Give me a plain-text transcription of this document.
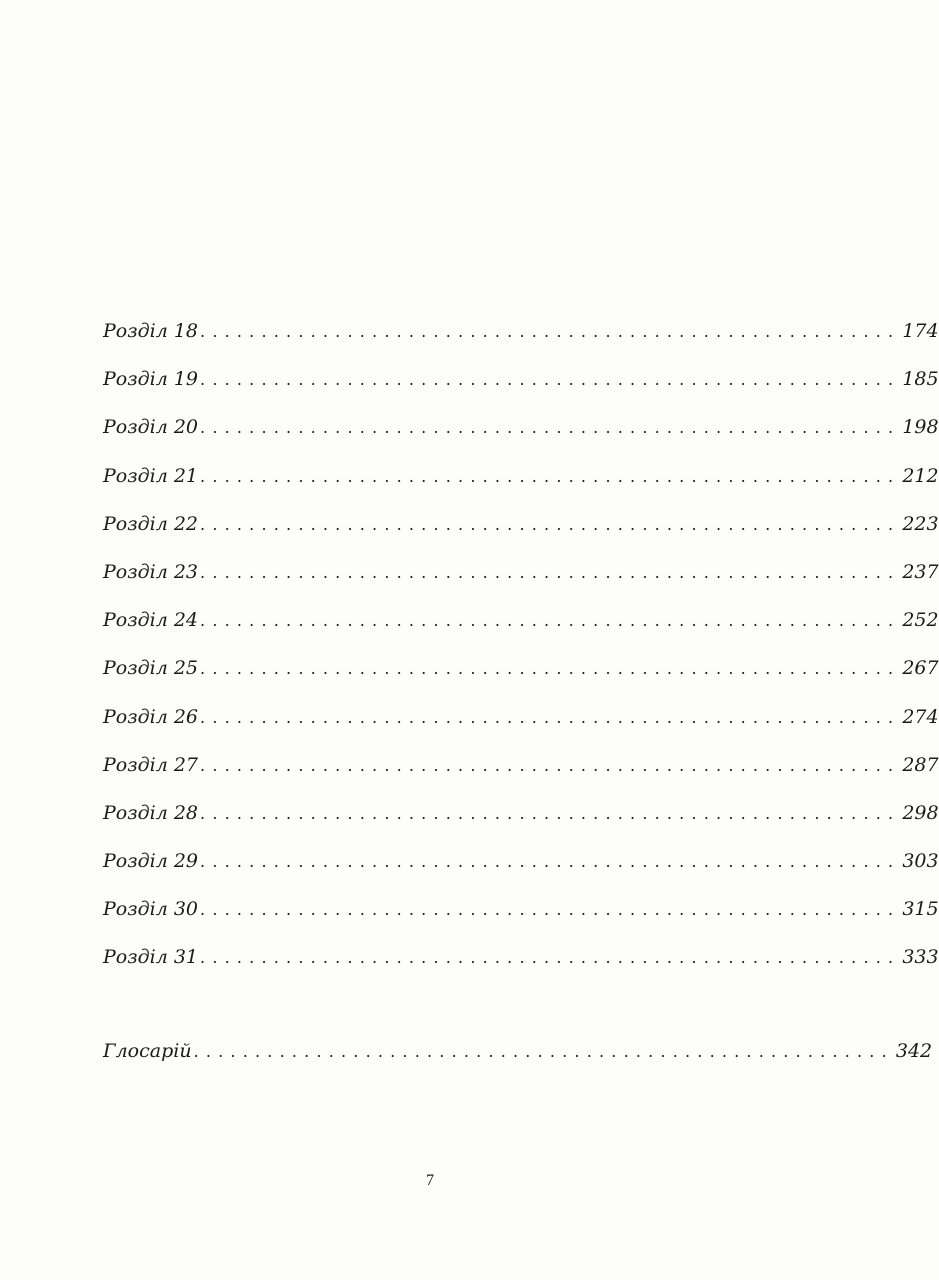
Розділ 18 ......................................................... 174
Розділ 19 ......................................................... 185
Розділ 20 ......................................................... 198
Розділ 21 ......................................................... 212
Розділ 22 ......................................................... 223
Розділ 23 ......................................................... 237
Розділ 24 ......................................................... 252
Розділ 25 ......................................................... 267
Розділ 26 ......................................................... 274
Розділ 27 ......................................................... 287
Розділ 28 ......................................................... 298
Розділ 29 ......................................................... 303
Розділ 30 ......................................................... 315
Розділ 31 ......................................................... 333
Глосарій ......................................................... 342
7
